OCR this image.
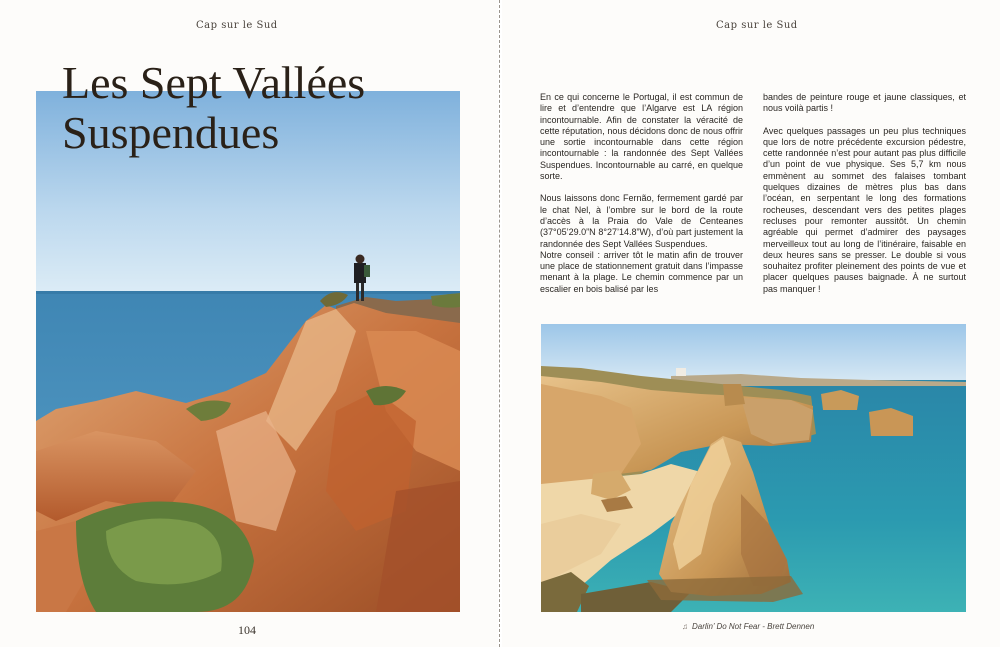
Cap sur le Sud
Les Sept Vallées
Suspendues
104
Cap sur le Sud

En ce qui concerne le Portugal, il est commun de lire et d’entendre que l’Algarve est LA région incontournable. Afin de constater la véracité de cette réputation, nous décidons donc de nous offrir une sortie incontournable dans cette région incontournable : la randonnée des Sept Vallées Suspendues. Incontournable au carré, en quelque sorte.

Nous laissons donc Fernão, fermement gardé par le chat Nel, à l’ombre sur le bord de la route d’accès à la Praia do Vale de Centeanes (37°05’29.0”N 8°27’14.8”W), d’où part justement la randonnée des Sept Vallées Suspendues.

Notre conseil : arriver tôt le matin afin de trouver une place de stationnement gratuit dans l’impasse menant à la plage. Le chemin commence par un escalier en bois balisé par les

bandes de peinture rouge et jaune classiques, et nous voilà partis !

Avec quelques passages un peu plus techniques que lors de notre précédente excursion pédestre, cette randonnée n’est pour autant pas plus difficile d’un point de vue physique. Ses 5,7 km nous emmènent au sommet des falaises tombant quelques dizaines de mètres plus bas dans l’océan, en serpentant le long des formations rocheuses, descendant vers des petites plages recluses pour remonter aussitôt. Un chemin agréable qui permet d’admirer des paysages merveilleux tout au long de l’itinéraire, faisable en deux heures sans se presser. Le double si vous souhaitez profiter pleinement des points de vue et placer quelques pauses baignade. À ne surtout pas manquer !

♫ Darlin’ Do Not Fear - Brett Dennen
